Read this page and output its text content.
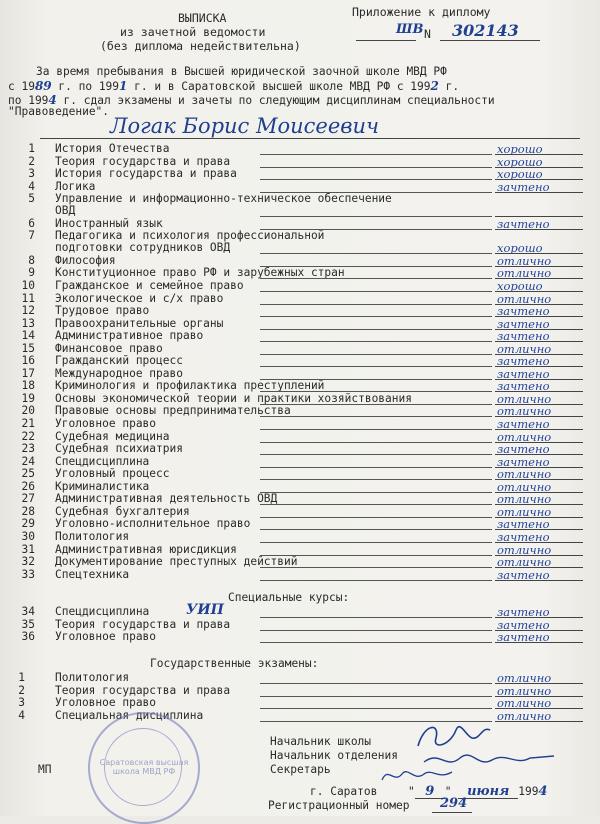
ВЫПИСКА
из зачетной ведомости
(без диплома недействительна)
Приложение к диплому
ШВ N 302143
За время пребывания в Высшей юридической заочной школе МВД РФ
с 1989 г. по 1991 г. и в Саратовской высшей школе МВД РФ с 1992 г.
по 1994 г. сдал экзамены и зачеты по следующим дисциплинам специальности
"Правоведение".
Логак Борис Моисеевич
1 История Отечества	хорошо
2 Теория государства и права	хорошо
3 История государства и права	хорошо
4 Логика	зачтено
5 Управление и информационно-техническое обеспечение
ОВД
6 Иностранный язык	зачтено
7 Педагогика и психология профессиональной
подготовки сотрудников ОВД	хорошо
8 Философия	отлично
9 Конституционное право РФ и зарубежных стран	отлично
10 Гражданское и семейное право	хорошо
11 Экологическое и с/х право	отлично
12 Трудовое право	зачтено
13 Правоохранительные органы	зачтено
14 Административное право	зачтено
15 Финансовое право	отлично
16 Гражданский процесс	зачтено
17 Международное право	зачтено
18 Криминология и профилактика преступлений	зачтено
19 Основы экономической теории и практики хозяйствования	отлично
20 Правовые основы предпринимательства	отлично
21 Уголовное право	зачтено
22 Судебная медицина	отлично
23 Судебная психиатрия	зачтено
24 Спецдисциплина	зачтено
25 Уголовный процесс	отлично
26 Криминалистика	отлично
27 Административная деятельность ОВД	отлично
28 Судебная бухгалтерия	отлично
29 Уголовно-исполнительное право	зачтено
30 Политология	зачтено
31 Административная юрисдикция	отлично
32 Документирование преступных действий	отлично
33 Спецтехника	зачтено
Специальные курсы:
34 Спецдисциплина	УИП	зачтено
35 Теория государства и права	зачтено
36 Уголовное право	зачтено
Государственные экзамены:
1	Политология	отлично
2	Теория государства и права	отлично
3	Уголовное право	отлично
4	Специальная дисциплина	отлично
Начальник школы
Начальник отделения
Секретарь
МП
Саратовская высшая школа МВД РФ
г. Саратов	" 9 " июня 1994
Регистрационный номер 294
